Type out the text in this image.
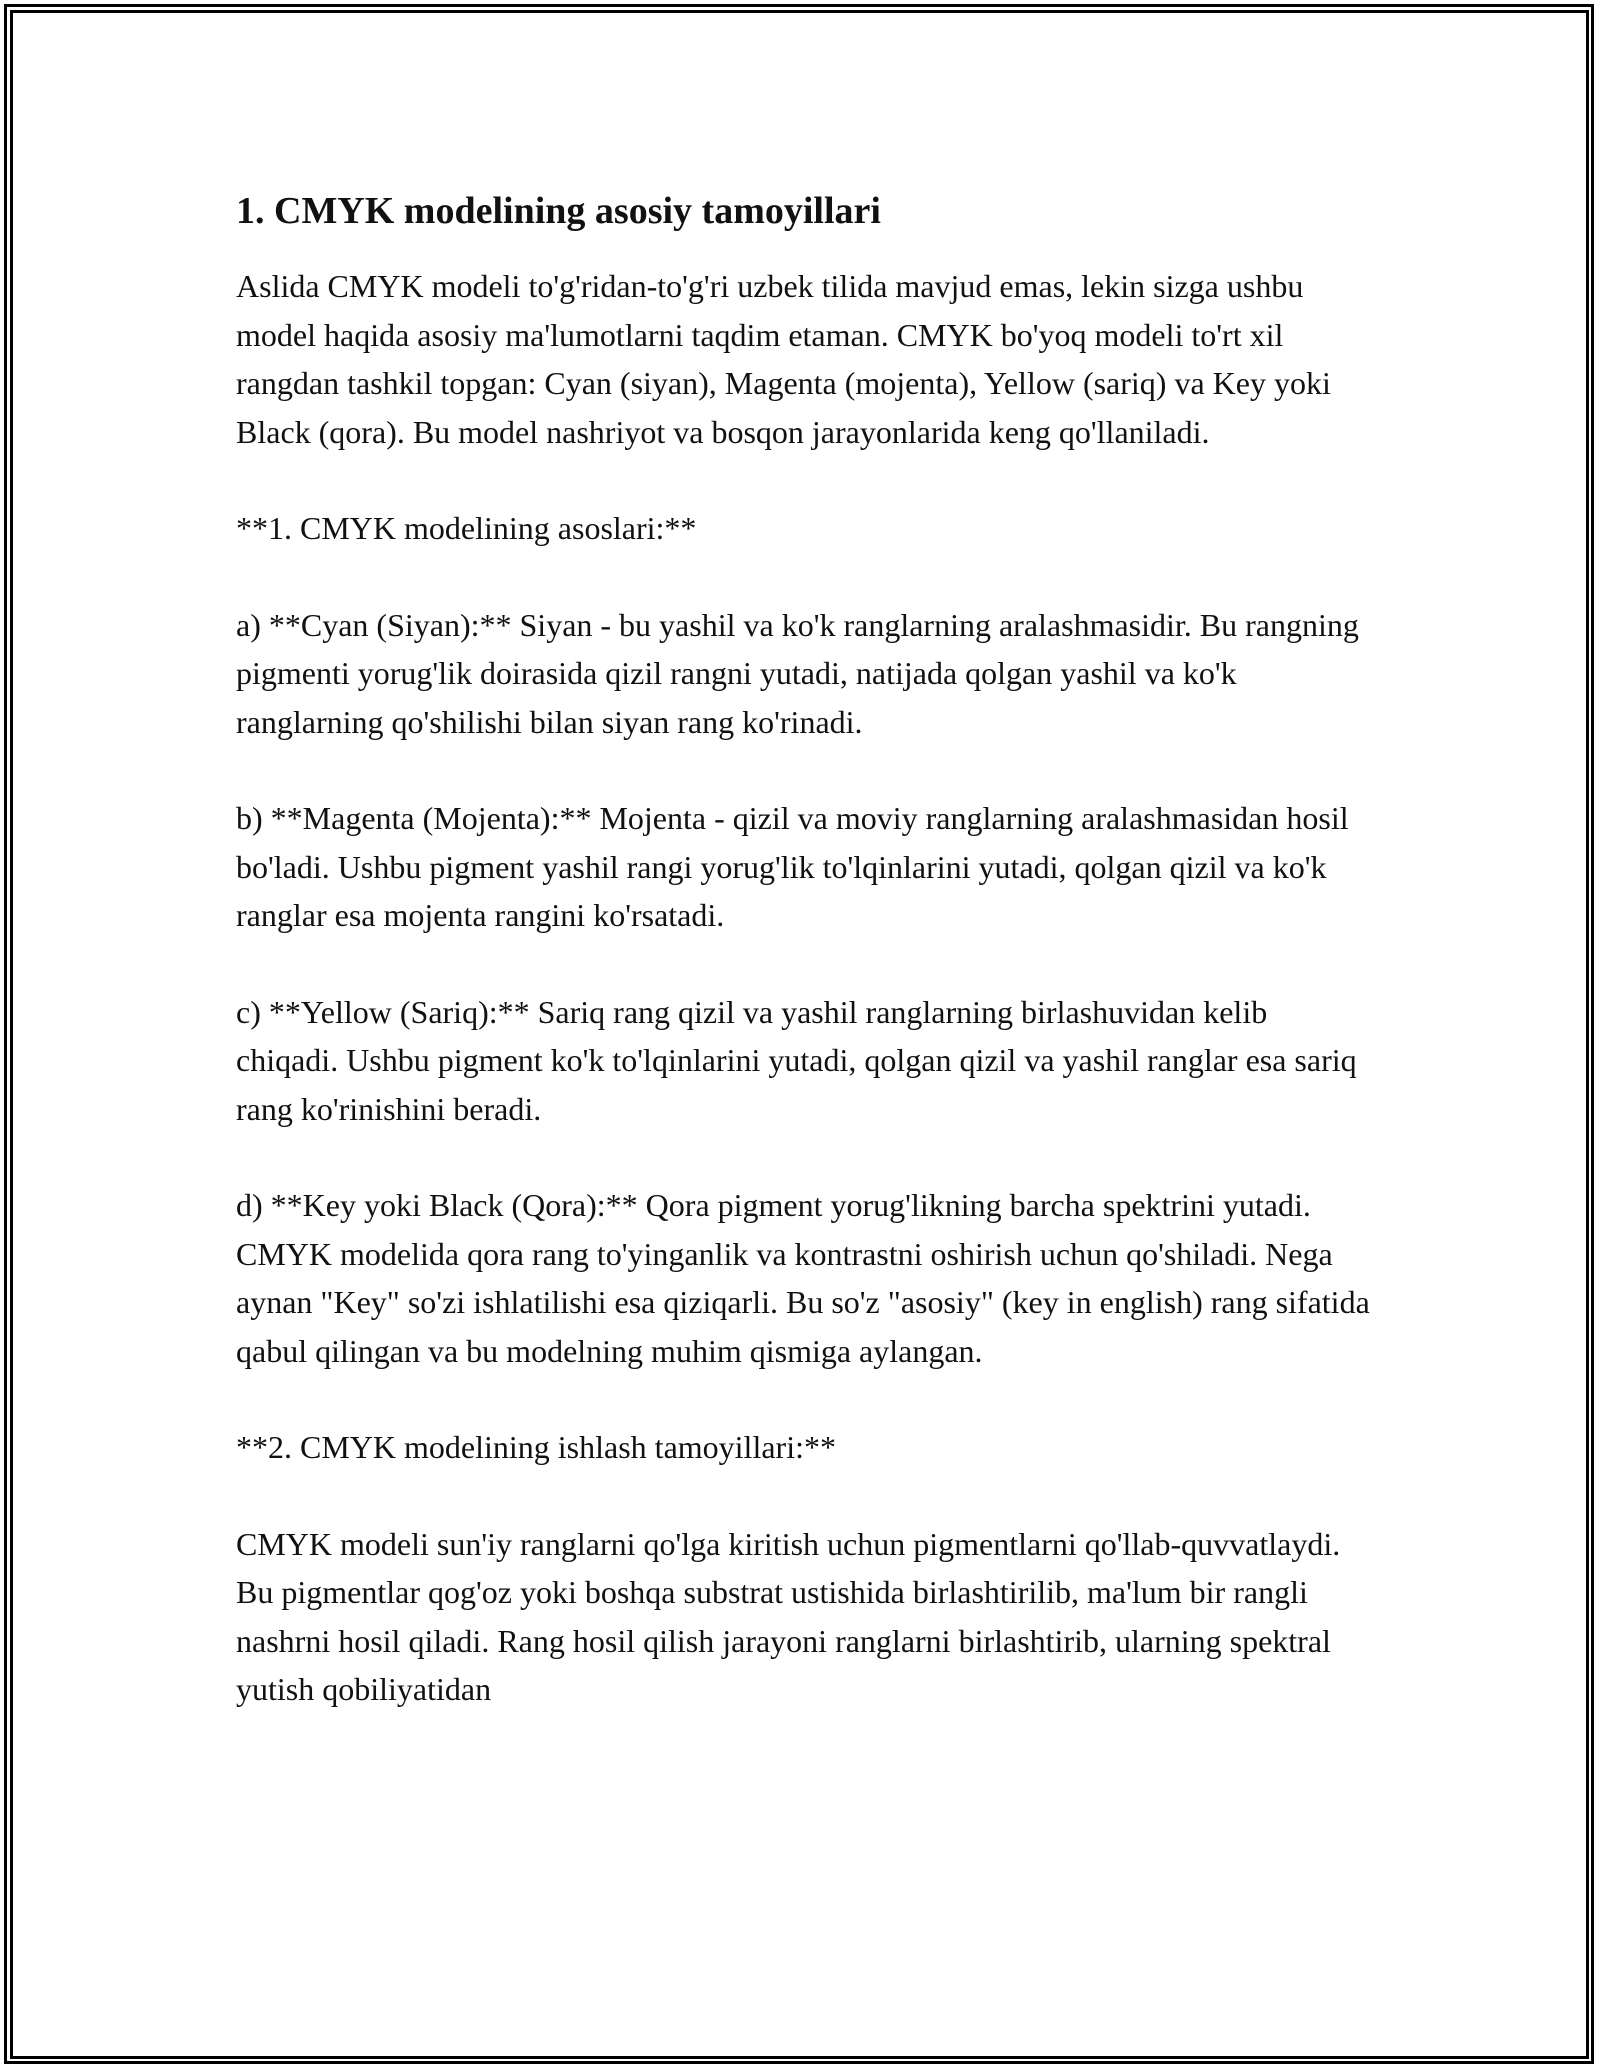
1. CMYK modelining asosiy tamoyillari

Aslida CMYK modeli to'g'ridan-to'g'ri uzbek tilida mavjud emas, lekin sizga ushbu model haqida asosiy ma'lumotlarni taqdim etaman. CMYK bo'yoq modeli to'rt xil rangdan tashkil topgan: Cyan (siyan), Magenta (mojenta), Yellow (sariq) va Key yoki Black (qora). Bu model nashriyot va bosqon jarayonlarida keng qo'llaniladi.

**1. CMYK modelining asoslari:**

a) **Cyan (Siyan):** Siyan - bu yashil va ko'k ranglarning aralashmasidir. Bu rangning pigmenti yorug'lik doirasida qizil rangni yutadi, natijada qolgan yashil va ko'k ranglarning qo'shilishi bilan siyan rang ko'rinadi.

b) **Magenta (Mojenta):** Mojenta - qizil va moviy ranglarning aralashmasidan hosil bo'ladi. Ushbu pigment yashil rangi yorug'lik to'lqinlarini yutadi, qolgan qizil va ko'k ranglar esa mojenta rangini ko'rsatadi.

c) **Yellow (Sariq):** Sariq rang qizil va yashil ranglarning birlashuvidan kelib chiqadi. Ushbu pigment ko'k to'lqinlarini yutadi, qolgan qizil va yashil ranglar esa sariq rang ko'rinishini beradi.

d) **Key yoki Black (Qora):** Qora pigment yorug'likning barcha spektrini yutadi. CMYK modelida qora rang to'yinganlik va kontrastni oshirish uchun qo'shiladi. Nega aynan "Key" so'zi ishlatilishi esa qiziqarli. Bu so'z "asosiy" (key in english) rang sifatida qabul qilingan va bu modelning muhim qismiga aylangan.

**2. CMYK modelining ishlash tamoyillari:**

CMYK modeli sun'iy ranglarni qo'lga kiritish uchun pigmentlarni qo'llab-quvvatlaydi. Bu pigmentlar qog'oz yoki boshqa substrat ustishida birlashtirilib, ma'lum bir rangli nashrni hosil qiladi. Rang hosil qilish jarayoni ranglarni birlashtirib, ularning spektral yutish qobiliyatidan
